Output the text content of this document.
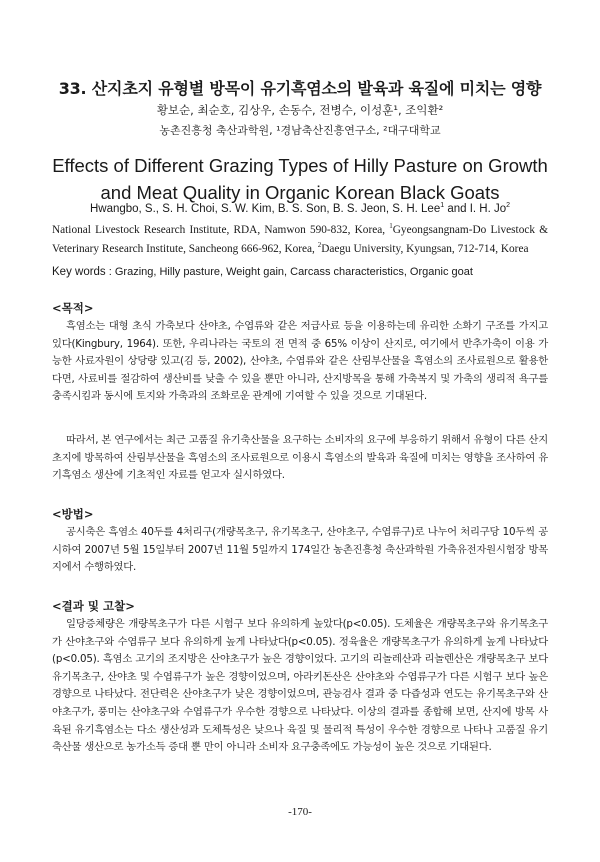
33. 산지초지 유형별 방목이 유기흑염소의 발육과 육질에 미치는 영향
황보순, 최순호, 김상우, 손동수, 전병수, 이성훈¹, 조익환²
농촌진흥청 축산과학원, ¹경남축산진흥연구소, ²대구대학교
Effects of Different Grazing Types of Hilly Pasture on Growth and Meat Quality in Organic Korean Black Goats
Hwangbo, S., S. H. Choi, S. W. Kim, B. S. Son, B. S. Jeon, S. H. Lee$^1$ and I. H. Jo$^2$
National Livestock Research Institute, RDA, Namwon 590-832, Korea, $^1$Gyeongsangnam-Do Livestock & Veterinary Research Institute, Sancheong 666-962, Korea, $^2$Daegu University, Kyungsan, 712-714, Korea
Key words : Grazing, Hilly pasture, Weight gain, Carcass characteristics, Organic goat
<목적>
흑염소는 대형 초식 가축보다 산야초, 수엽류와 같은 저급사료 등을 이용하는데 유리한 소화기 구조를 가지고 있다(Kingbury, 1964). 또한, 우리나라는 국토의 전 면적 중 65% 이상이 산지로, 여기에서 반추가축이 이용 가능한 사료자원이 상당량 있고(김 등, 2002), 산야초, 수엽류와 같은 산림부산물을 흑염소의 조사료원으로 활용한다면, 사료비를 절감하여 생산비를 낮출 수 있을 뿐만 아니라, 산지방목을 통해 가축복지 및 가축의 생리적 욕구를 충족시킴과 동시에 토지와 가축과의 조화로운 관계에 기여할 수 있을 것으로 기대된다.
따라서, 본 연구에서는 최근 고품질 유기축산물을 요구하는 소비자의 요구에 부응하기 위해서 유형이 다른 산지초지에 방목하여 산림부산물을 흑염소의 조사료원으로 이용시 흑염소의 발육과 육질에 미치는 영향을 조사하여 유기흑염소 생산에 기초적인 자료를 얻고자 실시하였다.
<방법>
공시축은 흑염소 40두를 4처리구(개량목초구, 유기목초구, 산야초구, 수엽류구)로 나누어 처리구당 10두씩 공시하여 2007년 5월 15일부터 2007년 11월 5일까지 174일간 농촌진흥청 축산과학원 가축유전자원시험장 방목지에서 수행하였다.
<결과 및 고찰>
일당증체량은 개량목초구가 다른 시험구 보다 유의하게 높았다(p<0.05). 도체율은 개량목초구와 유기목초구가 산야초구와 수엽류구 보다 유의하게 높게 나타났다(p<0.05). 정육율은 개량목초구가 유의하게 높게 나타났다(p<0.05). 흑염소 고기의 조지방은 산야초구가 높은 경향이었다. 고기의 리놀레산과 리놀렌산은 개량목초구 보다 유기목초구, 산야초 및 수엽류구가 높은 경향이었으며, 아라키돈산은 산야초와 수엽류구가 다른 시험구 보다 높은 경향으로 나타났다. 전단력은 산야초구가 낮은 경향이었으며, 관능검사 결과 중 다즙성과 연도는 유기목초구와 산야초구가, 풍미는 산야초구와 수엽류구가 우수한 경향으로 나타났다. 이상의 결과를 종합해 보면, 산지에 방목 사육된 유기흑염소는 다소 생산성과 도체특성은 낮으나 육질 및 물리적 특성이 우수한 경향으로 나타나 고품질 유기축산물 생산으로 농가소득 증대 뿐 만이 아니라 소비자 요구충족에도 가능성이 높은 것으로 기대된다.
-170-
